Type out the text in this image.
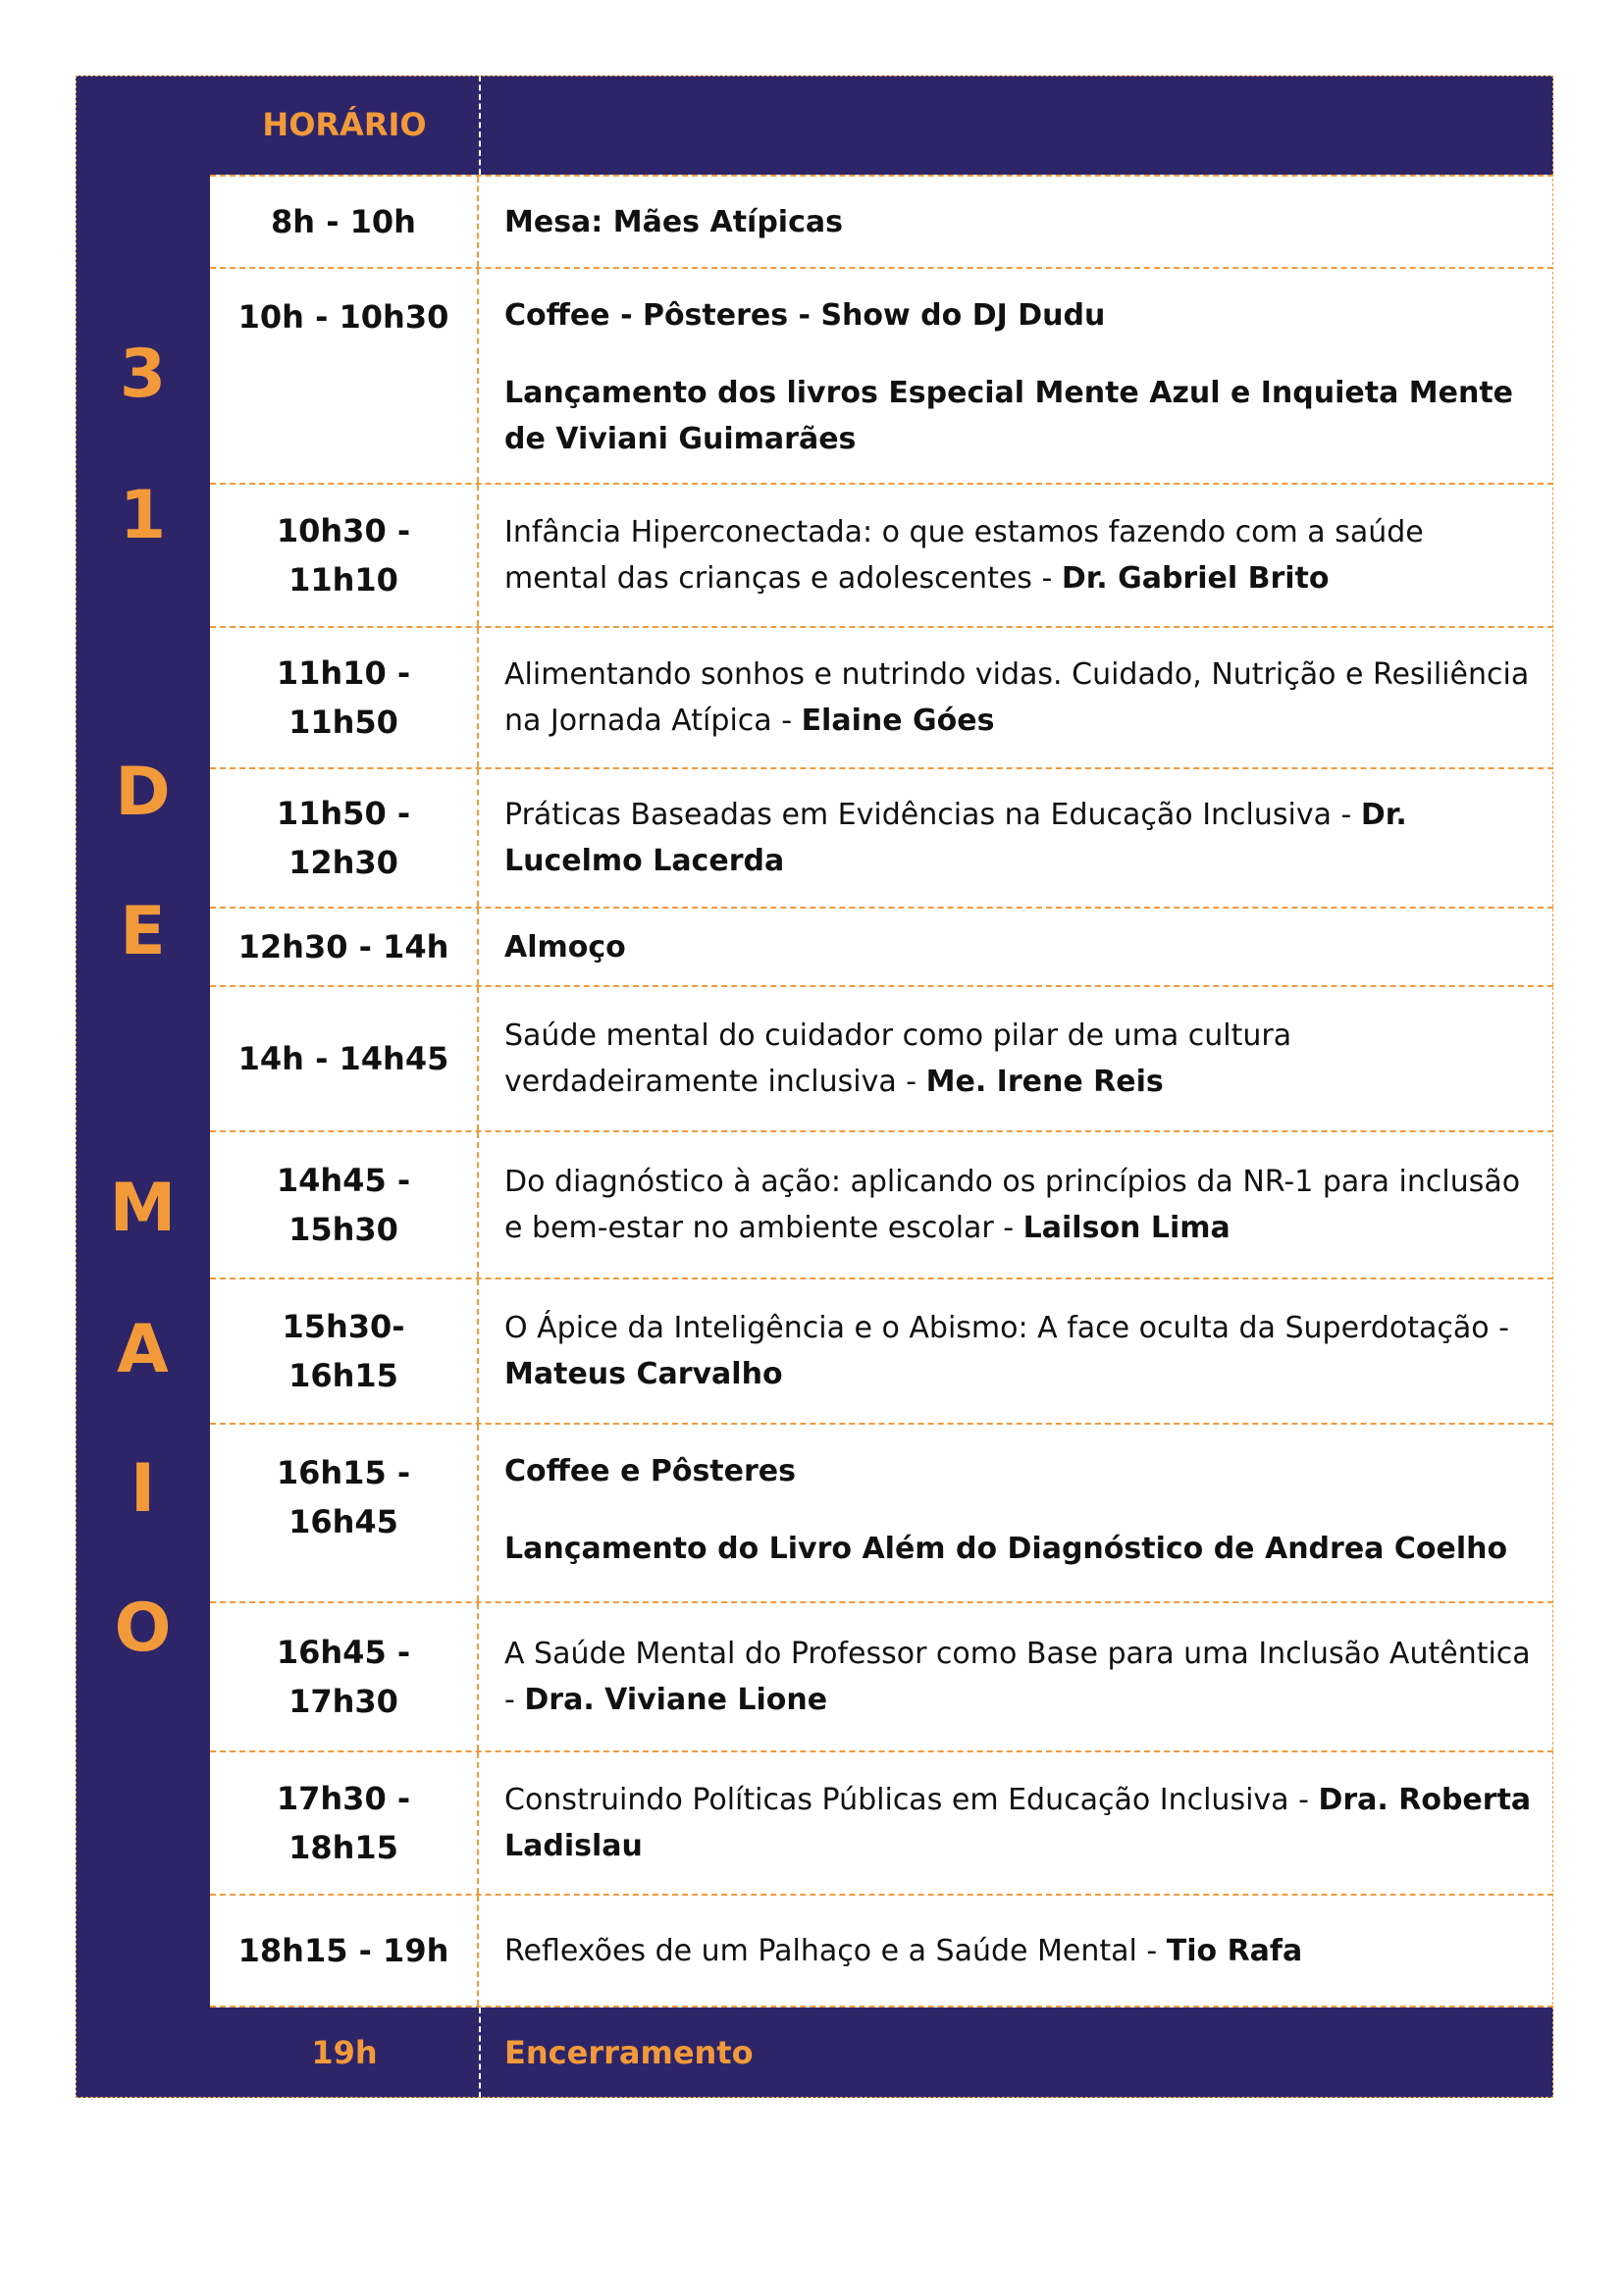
3
1
D
E
M
A
I
O
HORÁRIO
8h - 10h	Mesa: Mães Atípicas
10h - 10h30 Coffee - Pôsteres - Show do DJ Dudu
Lançamento dos livros Especial Mente Azul e Inquieta Mente de Viviani Guimarães
10h30 - 11h10
Infância Hiperconectada: o que estamos fazendo com a saúde mental das crianças e adolescentes - Dr. Gabriel Brito
11h10 - 11h50
Alimentando sonhos e nutrindo vidas. Cuidado, Nutrição e Resiliência na Jornada Atípica - Elaine Góes
11h50 - 12h30
Práticas Baseadas em Evidências na Educação Inclusiva - Dr. Lucelmo Lacerda
12h30 - 14h Almoço
14h - 14h45
Saúde mental do cuidador como pilar de uma cultura verdadeiramente inclusiva - Me. Irene Reis
14h45 - 15h30
Do diagnóstico à ação: aplicando os princípios da NR-1 para inclusão e bem-estar no ambiente escolar - Lailson Lima
15h30- 16h15
O Ápice da Inteligência e o Abismo: A face oculta da Superdotação - Mateus Carvalho
16h15 - 16h45
Coffee e Pôsteres
Lançamento do Livro Além do Diagnóstico de Andrea Coelho
16h45 - 17h30
A Saúde Mental do Professor como Base para uma Inclusão Autêntica - Dra. Viviane Lione
17h30 - 18h15
Construindo Políticas Públicas em Educação Inclusiva - Dra. Roberta Ladislau
18h15 - 19h Reflexões de um Palhaço e a Saúde Mental - Tio Rafa
19h	Encerramento
